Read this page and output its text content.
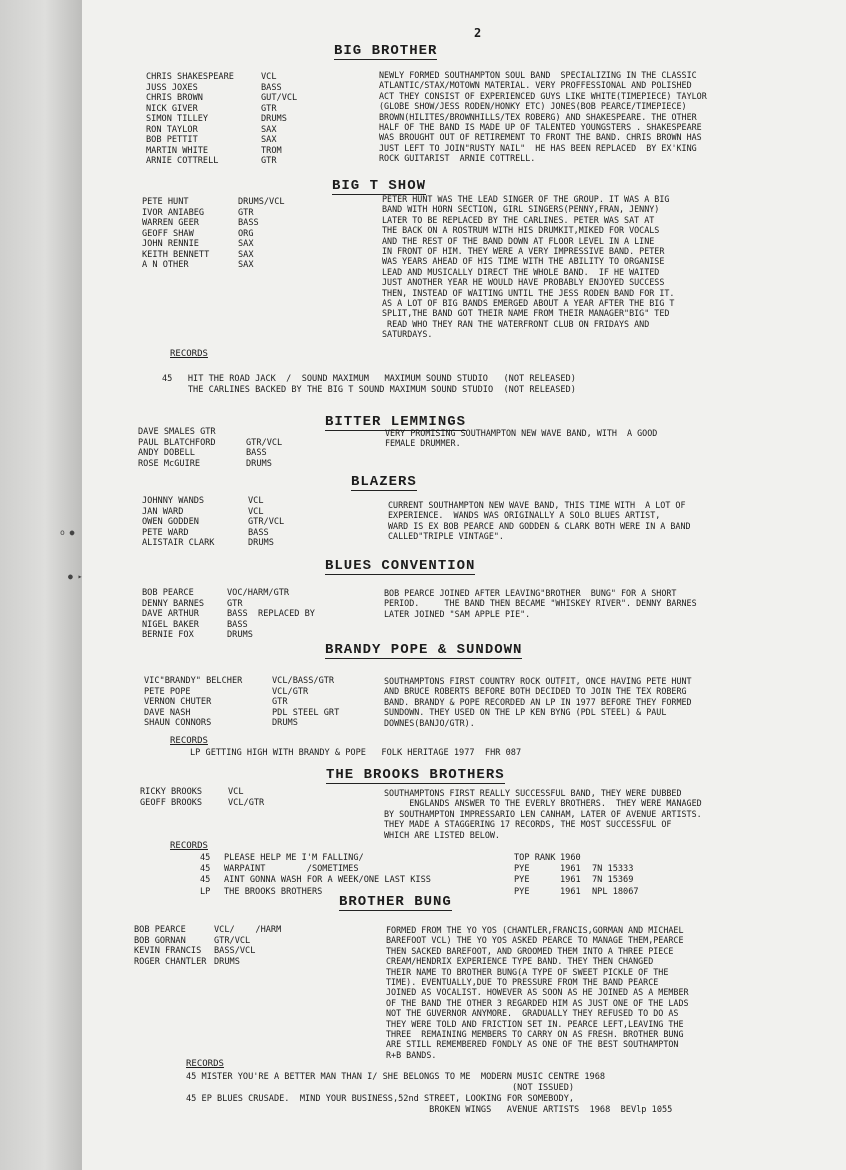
o ●
● ▸
2
BIG BROTHER
CHRIS SHAKESPEARE	VCL
JUSS JOXES	BASS
CHRIS BROWN	GUT/VCL
NICK GIVER	GTR
SIMON TILLEY	DRUMS
RON TAYLOR	SAX
BOB PETTIT	SAX
MARTIN WHITE	TROM
ARNIE COTTRELL	GTR
NEWLY FORMED SOUTHAMPTON SOUL BAND  SPECIALIZING IN THE CLASSIC
ATLANTIC/STAX/MOTOWN MATERIAL. VERY PROFFESSIONAL AND POLISHED
ACT THEY CONSIST OF EXPERIENCED GUYS LIKE WHITE(TIMEPIECE) TAYLOR
(GLOBE SHOW/JESS RODEN/HONKY ETC) JONES(BOB PEARCE/TIMEPIECE)
BROWN(HILITES/BROWNHILLS/TEX ROBERG) AND SHAKESPEARE. THE OTHER
HALF OF THE BAND IS MADE UP OF TALENTED YOUNGSTERS . SHAKESPEARE
WAS BROUGHT OUT OF RETIREMENT TO FRONT THE BAND. CHRIS BROWN HAS
JUST LEFT TO JOIN"RUSTY NAIL"  HE HAS BEEN REPLACED  BY EX'KING
ROCK GUITARIST  ARNIE COTTRELL.
BIG T SHOW
PETE HUNT	DRUMS/VCL
IVOR ANIABEG	GTR
WARREN GEER	BASS
GEOFF SHAW	ORG
JOHN RENNIE	SAX
KEITH BENNETT	SAX
A N OTHER	SAX
PETER HUNT WAS THE LEAD SINGER OF THE GROUP. IT WAS A BIG
BAND WITH HORN SECTION, GIRL SINGERS(PENNY,FRAN, JENNY)
LATER TO BE REPLACED BY THE CARLINES. PETER WAS SAT AT
THE BACK ON A ROSTRUM WITH HIS DRUMKIT,MIKED FOR VOCALS
AND THE REST OF THE BAND DOWN AT FLOOR LEVEL IN A LINE
IN FRONT OF HIM. THEY WERE A VERY IMPRESSIVE BAND. PETER
WAS YEARS AHEAD OF HIS TIME WITH THE ABILITY TO ORGANISE
LEAD AND MUSICALLY DIRECT THE WHOLE BAND.  IF HE WAITED
JUST ANOTHER YEAR HE WOULD HAVE PROBABLY ENJOYED SUCCESS
THEN, INSTEAD OF WAITING UNTIL THE JESS RODEN BAND FOR IT.
AS A LOT OF BIG BANDS EMERGED ABOUT A YEAR AFTER THE BIG T
SPLIT,THE BAND GOT THEIR NAME FROM THEIR MANAGER"BIG" TED
READ WHO THEY RAN THE WATERFRONT CLUB ON FRIDAYS AND
SATURDAYS.
RECORDS
45   HIT THE ROAD JACK  /  SOUND MAXIMUM   MAXIMUM SOUND STUDIO   (NOT RELEASED)
THE CARLINES BACKED BY THE BIG T SOUND MAXIMUM SOUND STUDIO  (NOT RELEASED)
BITTER LEMMINGS
DAVE SMALES GTR
PAUL BLATCHFORD	GTR/VCL
ANDY DOBELL	BASS
ROSE McGUIRE	DRUMS
VERY PROMISING SOUTHAMPTON NEW WAVE BAND, WITH  A GOOD
FEMALE DRUMMER.
BLAZERS
JOHNNY WANDS	VCL
JAN WARD	VCL
OWEN GODDEN	GTR/VCL
PETE WARD	BASS
ALISTAIR CLARK	DRUMS
CURRENT SOUTHAMPTON NEW WAVE BAND, THIS TIME WITH  A LOT OF
EXPERIENCE.  WANDS WAS ORIGINALLY A SOLO BLUES ARTIST,
WARD IS EX BOB PEARCE AND GODDEN & CLARK BOTH WERE IN A BAND
CALLED"TRIPLE VINTAGE".
BLUES CONVENTION
BOB PEARCE	VOC/HARM/GTR
DENNY BARNES	GTR
DAVE ARTHUR	BASS  REPLACED BY
NIGEL BAKER	BASS
BERNIE FOX	DRUMS
BOB PEARCE JOINED AFTER LEAVING"BROTHER  BUNG" FOR A SHORT
PERIOD.     THE BAND THEN BECAME "WHISKEY RIVER". DENNY BARNES
LATER JOINED "SAM APPLE PIE".
BRANDY POPE & SUNDOWN
VIC"BRANDY" BELCHER	VCL/BASS/GTR
PETE POPE	VCL/GTR
VERNON CHUTER	GTR
DAVE NASH	PDL STEEL GRT
SHAUN CONNORS	DRUMS
SOUTHAMPTONS FIRST COUNTRY ROCK OUTFIT, ONCE HAVING PETE HUNT
AND BRUCE ROBERTS BEFORE BOTH DECIDED TO JOIN THE TEX ROBERG
BAND. BRANDY & POPE RECORDED AN LP IN 1977 BEFORE THEY FORMED
SUNDOWN. THEY USED ON THE LP KEN BYNG (PDL STEEL) & PAUL
DOWNES(BANJO/GTR).
RECORDS
LP GETTING HIGH WITH BRANDY & POPE   FOLK HERITAGE 1977  FHR 087
THE BROOKS BROTHERS
RICKY BROOKS	VCL
GEOFF BROOKS	VCL/GTR
SOUTHAMPTONS FIRST REALLY SUCCESSFUL BAND, THEY WERE DUBBED
ENGLANDS ANSWER TO THE EVERLY BROTHERS.  THEY WERE MANAGED
BY SOUTHAMPTON IMPRESSARIO LEN CANHAM, LATER OF AVENUE ARTISTS.
THEY MADE A STAGGERING 17 RECORDS, THE MOST SUCCESSFUL OF
WHICH ARE LISTED BELOW.
RECORDS
45	PLEASE HELP ME I'M FALLING/	TOP RANK 1960
45	WARPAINT        /SOMETIMES	PYE	1961	7N 15333
45	AINT GONNA WASH FOR A WEEK/ONE LAST KISS	PYE	1961	7N 15369
LP	THE BROOKS BROTHERS	PYE	1961	NPL 18067
BROTHER BUNG
BOB PEARCE	VCL/    /HARM
BOB GORNAN	GTR/VCL
KEVIN FRANCIS	BASS/VCL
ROGER CHANTLER DRUMS
FORMED FROM THE YO YOS (CHANTLER,FRANCIS,GORMAN AND MICHAEL
BAREFOOT VCL) THE YO YOS ASKED PEARCE TO MANAGE THEM,PEARCE
THEN SACKED BAREFOOT, AND GROOMED THEM INTO A THREE PIECE
CREAM/HENDRIX EXPERIENCE TYPE BAND. THEY THEN CHANGED
THEIR NAME TO BROTHER BUNG(A TYPE OF SWEET PICKLE OF THE
TIME). EVENTUALLY,DUE TO PRESSURE FROM THE BAND PEARCE
JOINED AS VOCALIST. HOWEVER AS SOON AS HE JOINED AS A MEMBER
OF THE BAND THE OTHER 3 REGARDED HIM AS JUST ONE OF THE LADS
NOT THE GUVERNOR ANYMORE.  GRADUALLY THEY REFUSED TO DO AS
THEY WERE TOLD AND FRICTION SET IN. PEARCE LEFT,LEAVING THE
THREE  REMAINING MEMBERS TO CARRY ON AS FRESH. BROTHER BUNG
ARE STILL REMEMBERED FONDLY AS ONE OF THE BEST SOUTHAMPTON
R+B BANDS.
RECORDS
45 MISTER YOU'RE A BETTER MAN THAN I/ SHE BELONGS TO ME  MODERN MUSIC CENTRE 1968
(NOT ISSUED)
45 EP BLUES CRUSADE.  MIND YOUR BUSINESS,52nd STREET, LOOKING FOR SOMEBODY,
BROKEN WINGS   AVENUE ARTISTS  1968  BEVlp 1055
